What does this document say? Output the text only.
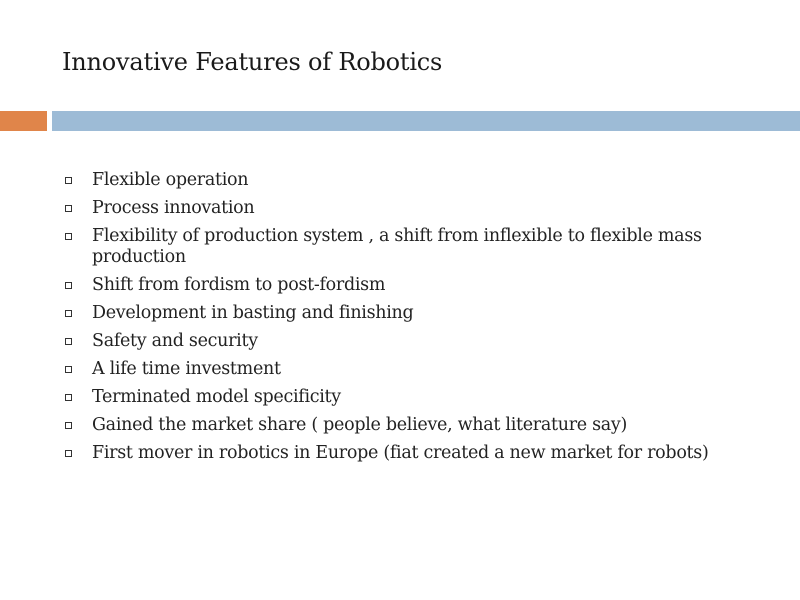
Innovative Features of Robotics
Flexible operation
Process innovation
Flexibility of production system , a shift from inflexible to flexible mass production
Shift from fordism to post-fordism
Development in basting and finishing
Safety and security
A life time investment
Terminated model specificity
Gained the market share ( people believe, what literature say)
First mover in robotics in Europe (fiat created a new market for robots)
